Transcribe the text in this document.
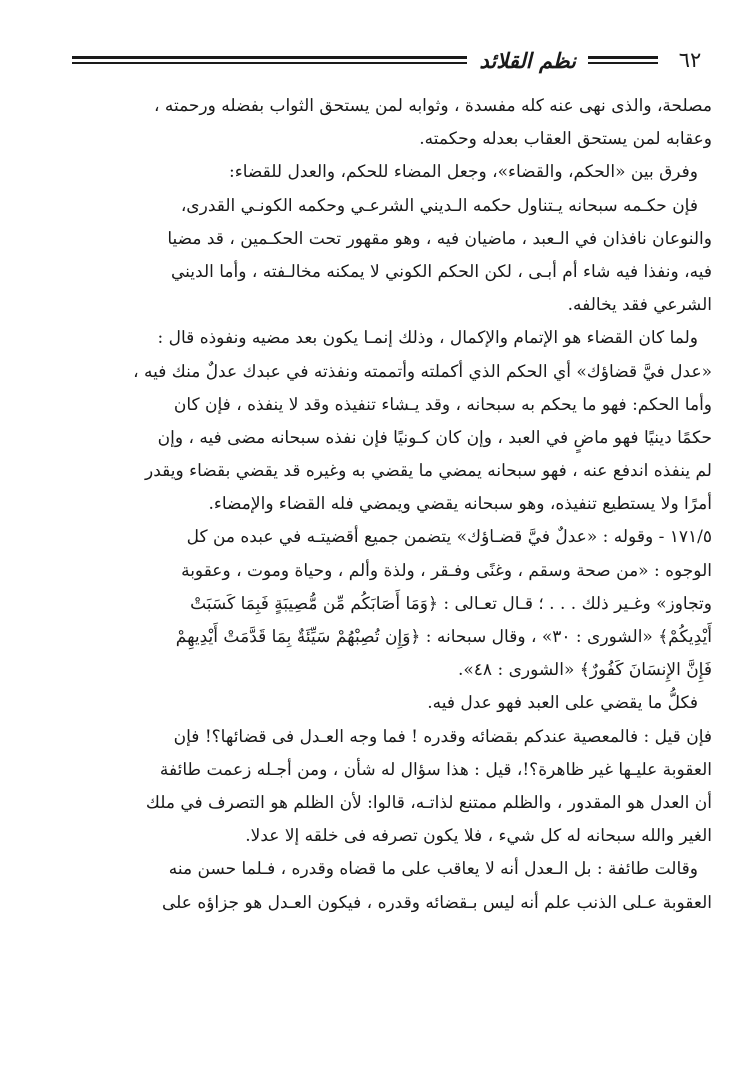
٦٢
نظم القلائد
مصلحة، والذى نهى عنه كله مفسدة ، وثوابه لمن يستحق الثواب بفضله ورحمته ،
وعقابه لمن يستحق العقاب بعدله وحكمته.
وفرق بين «الحكم، والقضاء»، وجعل المضاء للحكم، والعدل للقضاء:
فإن حكـمه سبحانه يـتناول حكمه الـديني الشرعـي وحكمه الكونـي القدرى،
والنوعان نافذان في الـعبد ، ماضيان فيه ، وهو مقهور تحت الحكـمين ، قد مضيا
فيه، ونفذا فيه شاء أم أبـى ، لكن الحكم الكوني لا يمكنه مخالـفته ، وأما الديني
الشرعي فقد يخالفه.
ولما كان القضاء هو الإتمام والإكمال ، وذلك إنمـا يكون بعد مضيه ونفوذه قال :
«عدل فيَّ قضاؤك» أي الحكم الذي أكملته وأتممته ونفذته في عبدك عدلٌ منك فيه ،
وأما الحكم: فهو ما يحكم به سبحانه ، وقد يـشاء تنفيذه وقد لا ينفذه ، فإن كان
حكمًا دينيًا فهو ماضٍ في العبد ، وإن كان كـونيًا فإن نفذه سبحانه مضى فيه ، وإن
لم ينفذه اندفع عنه ، فهو سبحانه يمضي ما يقضي به وغيره قد يقضي بقضاء ويقدر
أمرًا ولا يستطيع تنفيذه، وهو سبحانه يقضي ويمضي فله القضاء والإمضاء.
١٧١/٥ - وقوله : «عدلٌ فيَّ قضـاؤك» يتضمن جميع أقضيتـه في عبده من كل
الوجوه : «من صحة وسقم ، وغنًى وفـقر ، ولذة وألم ، وحياة وموت ، وعقوبة
وتجاوز» وغـير ذلك . . . ؛ قـال تعـالى : ﴿وَمَا أَصَابَكُم مِّن مُّصِيبَةٍ فَبِمَا كَسَبَتْ
أَيْدِيكُمْ﴾ «الشورى : ٣٠» ، وقال سبحانه : ﴿وَإِن تُصِبْهُمْ سَيِّئَةٌ بِمَا قَدَّمَتْ أَيْدِيهِمْ
فَإِنَّ الإِنسَانَ كَفُورٌ﴾ «الشورى : ٤٨».
فكلُّ ما يقضي على العبد فهو عدل فيه.
فإن قيل : فالمعصية عندكم بقضائه وقدره ! فما وجه العـدل فى قضائها؟! فإن
العقوبة عليـها غير ظاهرة؟!، قيل : هذا سؤال له شأن ، ومن أجـله زعمت طائفة
أن العدل هو المقدور ، والظلم ممتنع لذاتـه، قالوا: لأن الظلم هو التصرف في ملك
الغير والله سبحانه له كل شيء ، فلا يكون تصرفه فى خلقه إلا عدلا.
وقالت طائفة : بل الـعدل أنه لا يعاقب على ما قضاه وقدره ، فـلما حسن منه
العقوبة عـلى الذنب علم أنه ليس بـقضائه وقدره ، فيكون العـدل هو جزاؤه على
